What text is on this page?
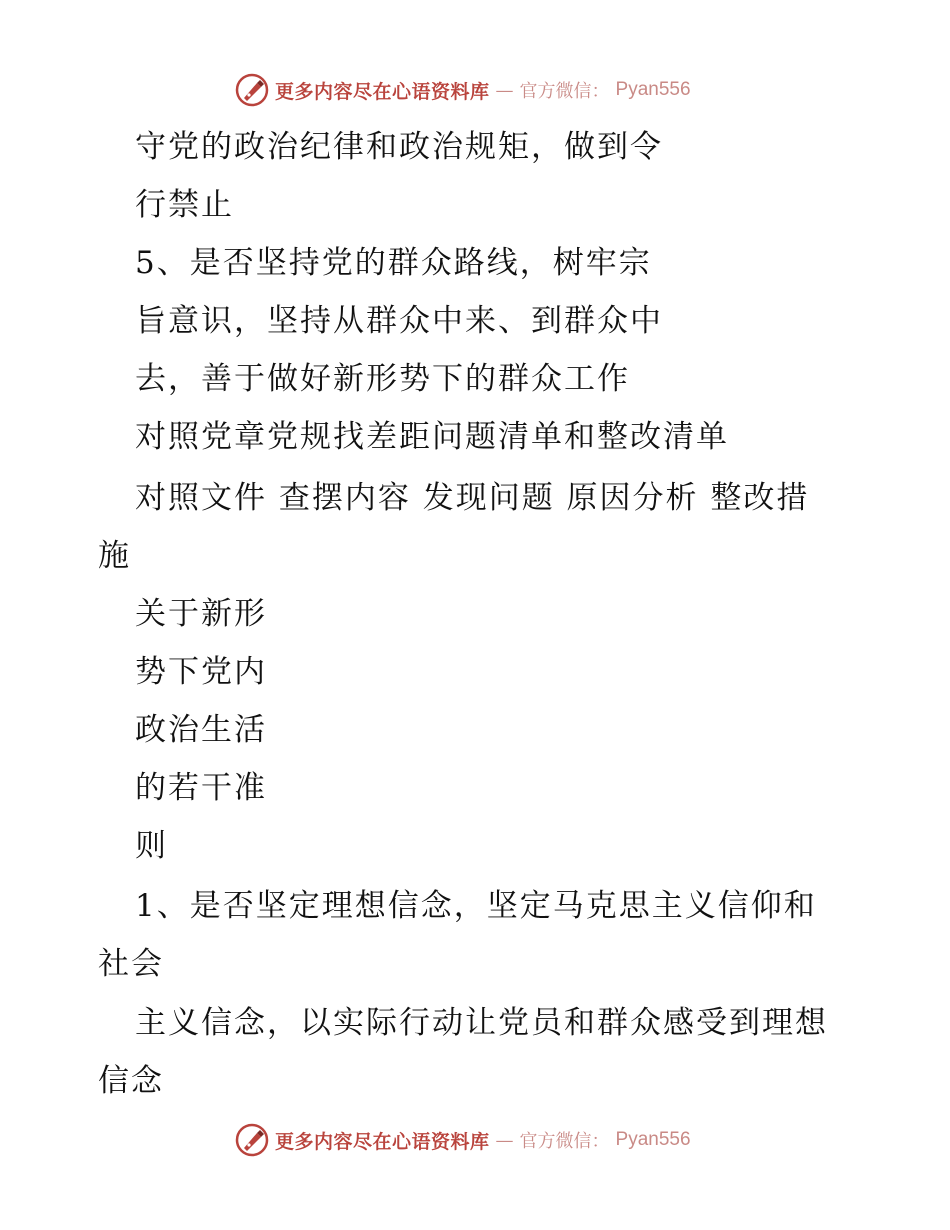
更多内容尽在心语资料库 — 官方微信： Pyan556
守党的政治纪律和政治规矩，做到令
行禁止
5、是否坚持党的群众路线，树牢宗
旨意识，坚持从群众中来、到群众中
去，善于做好新形势下的群众工作
对照党章党规找差距问题清单和整改清单
对照文件 查摆内容 发现问题 原因分析 整改措
施
关于新形
势下党内
政治生活
的若干准
则
1、是否坚定理想信念，坚定马克思主义信仰和
社会
主义信念，以实际行动让党员和群众感受到理想
信念
更多内容尽在心语资料库 — 官方微信： Pyan556
